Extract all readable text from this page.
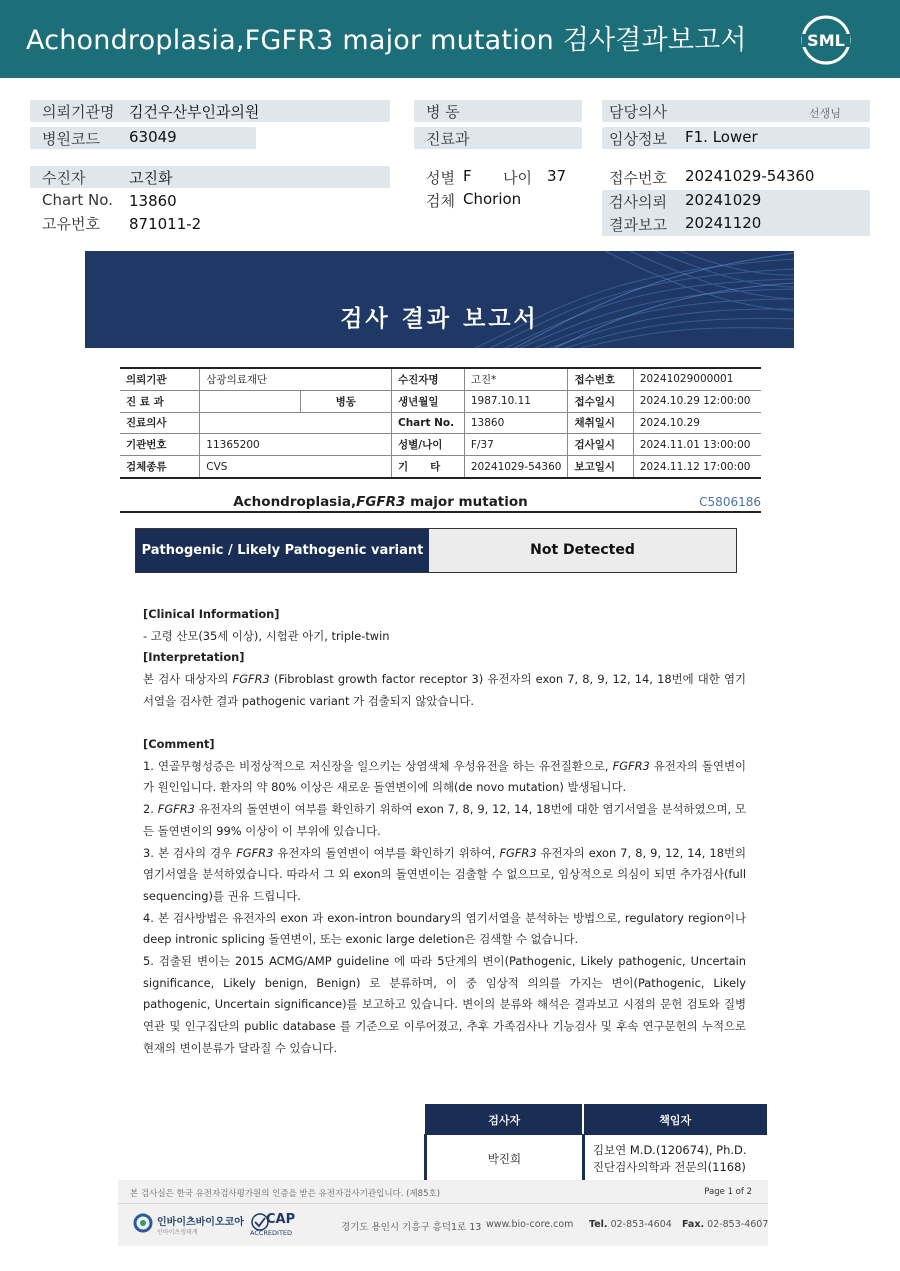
Achondroplasia,FGFR3 major mutation 검사결과보고서	SML
의뢰기관명 김건우산부인과의원
병원코드 63049
병 동
진료과
담당의사	선생님
임상정보 F1. Lower
수진자	고진화
Chart No. 13860
고유번호 871011-2
성별 F 나이 37
검체 Chorion
접수번호 20241029-54360
검사의뢰 20241029
결과보고 20241120
검사 결과 보고서
의뢰기관	삼광의료재단		수진자명	고진*	접수번호	20241029000001
진 료 과		병동	생년월일	1987.10.11	접수일시	2024.10.29 12:00:00
진료의사			Chart No.	13860	채취일시	2024.10.29
기관번호	11365200		성별/나이	F/37	검사일시	2024.11.01 13:00:00
검체종류	CVS		기      타	20241029-54360	보고일시	2024.11.12 17:00:00
Achondroplasia,FGFR3 major mutation	C5806186
Pathogenic / Likely Pathogenic variant	Not Detected

[Clinical Information]

- 고령 산모(35세 이상), 시험관 아기, triple-twin

[Interpretation]

본 검사 대상자의 FGFR3 (Fibroblast growth factor receptor 3) 유전자의 exon 7, 8, 9, 12, 14, 18번에 대한 염기서열을 검사한 결과 pathogenic variant 가 검출되지 않았습니다.

[Comment]

1. 연골무형성증은 비정상적으로 저신장을 일으키는 상염색체 우성유전을 하는 유전질환으로, FGFR3 유전자의 돌연변이가 원인입니다. 환자의 약 80% 이상은 새로운 돌연변이에 의해(de novo mutation) 발생됩니다.

2. FGFR3 유전자의 돌연변이 여부를 확인하기 위하여 exon 7, 8, 9, 12, 14, 18번에 대한 염기서열을 분석하였으며, 모든 돌연변이의 99% 이상이 이 부위에 있습니다.

3. 본 검사의 경우 FGFR3 유전자의 돌연변이 여부를 확인하기 위하여, FGFR3 유전자의 exon 7, 8, 9, 12, 14, 18번의 염기서열을 분석하였습니다. 따라서 그 외 exon의 돌연변이는 검출할 수 없으므로, 임상적으로 의심이 되면 추가검사(full sequencing)를 권유 드립니다.

4. 본 검사방법은 유전자의 exon 과 exon-intron boundary의 염기서열을 분석하는 방법으로, regulatory region이나 deep intronic splicing 돌연변이, 또는 exonic large deletion은 검색할 수 없습니다.

5. 검출된 변이는 2015 ACMG/AMP guideline 에 따라 5단계의 변이(Pathogenic, Likely pathogenic, Uncertain significance, Likely benign, Benign) 로 분류하며, 이 중 임상적 의의를 가지는 변이(Pathogenic, Likely pathogenic, Uncertain significance)를 보고하고 있습니다. 변이의 분류와 해석은 결과보고 시점의 문헌 검토와 질병연관 및 인구집단의 public database 를 기준으로 이루어졌고, 추후 가족검사나 기능검사 및 후속 연구문헌의 누적으로 현재의 변이분류가 달라질 수 있습니다.

검사자	책임자
박진희	김보연 M.D.(120674), Ph.D.
진단검사의학과 전문의(1168)
본 검사실은 한국 유전자검사평가원의 인증을 받은 유전자검사기관입니다. (제85호)	Page 1 of 2
인바이츠바이오코아
인바이츠생태계
CAP
ACCREDITED	경기도 용인시 기흥구 흥덕1로 13 www.bio-core.com Tel. 02-853-4604 Fax. 02-853-4607
